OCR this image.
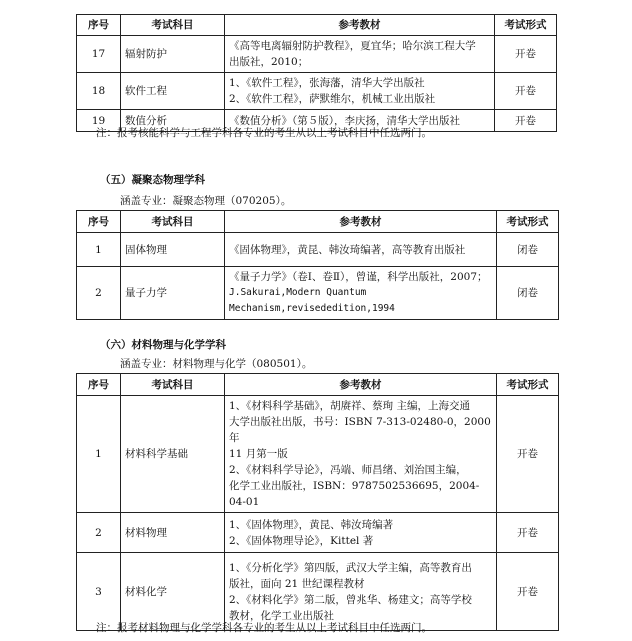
序号	考试科目	参考教材	考试形式
17	辐射防护	《高等电离辐射防护教程》，夏宜华；哈尔滨工程大学
出版社，2010；	开卷
18	软件工程	1、《软件工程》，张海藩，清华大学出版社
2、《软件工程》，萨默维尔，机械工业出版社	开卷
19	数值分析	《数值分析》（第５版），李庆扬，清华大学出版社	开卷
注：报考核能科学与工程学科各专业的考生从以上考试科目中任选两门。
（五）凝聚态物理学科
涵盖专业：凝聚态物理（070205）。
序号	考试科目	参考教材	考试形式
1	固体物理	《固体物理》，黄昆、韩汝琦编著，高等教育出版社	闭卷
2	量子力学	《量子力学》（卷Ⅰ、卷Ⅱ），曾谨，科学出版社，2007；
J.Sakurai,Modern Quantum Mechanism,revisededition,1994	闭卷
（六）材料物理与化学学科
涵盖专业：材料物理与化学（080501）。
序号	考试科目	参考教材	考试形式
1	材料科学基础	1、《材料科学基础》，胡赓祥、蔡珣 主编，上海交通
大学出版社出版，书号：ISBN 7-313-02480-0，2000 年
11 月第一版
2、《材料科学导论》，冯端、师昌绪、刘治国主编，
化学工业出版社，ISBN：9787502536695，2004-04-01	开卷
2	材料物理	1、《固体物理》，黄昆、韩汝琦编著
2、《固体物理导论》，Kittel 著	开卷
3	材料化学	1、《分析化学》第四版，武汉大学主编，高等教育出
版社，面向 21 世纪课程教材
2、《材料化学》第二版，曾兆华、杨建文；高等学校
教材，化学工业出版社	开卷
注：报考材料物理与化学学科各专业的考生从以上考试科目中任选两门。
